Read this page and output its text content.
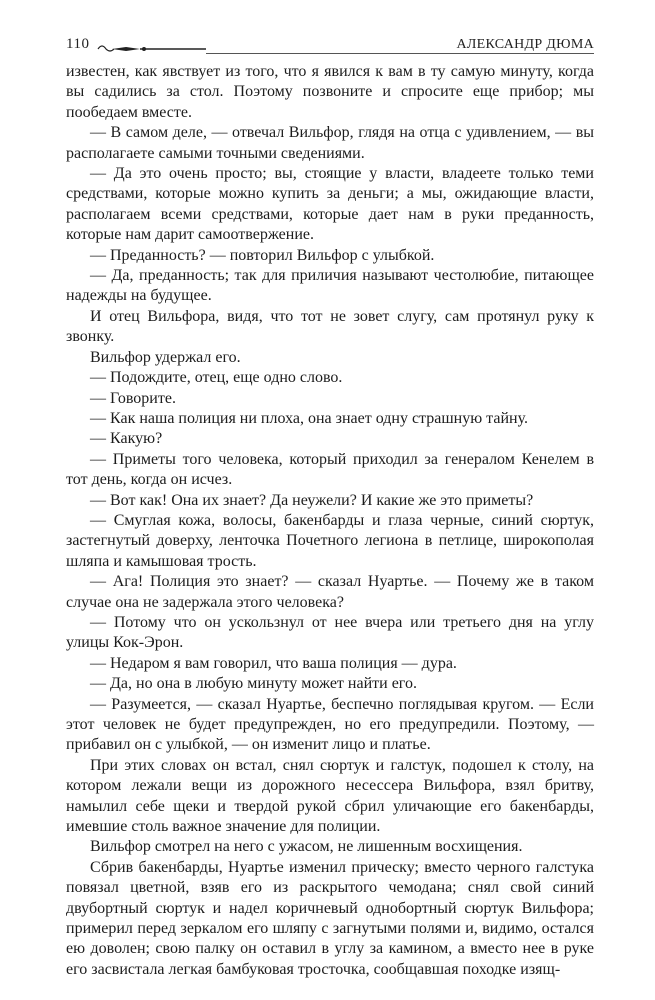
110	АЛЕКСАНДР ДЮМА

известен, как явствует из того, что я явился к вам в ту самую минуту, когда вы садились за стол. Поэтому позвоните и спросите еще прибор; мы пообедаем вместе.

— В самом деле, — отвечал Вильфор, глядя на отца с удивлением, — вы располагаете самыми точными сведениями.

— Да это очень просто; вы, стоящие у власти, владеете только теми средствами, которые можно купить за деньги; а мы, ожидающие власти, располагаем всеми средствами, которые дает нам в руки преданность, которые нам дарит самоотвержение.

— Преданность? — повторил Вильфор с улыбкой.

— Да, преданность; так для приличия называют честолюбие, питающее надежды на будущее.

И отец Вильфора, видя, что тот не зовет слугу, сам протянул руку к звонку.

Вильфор удержал его.

— Подождите, отец, еще одно слово.

— Говорите.

— Как наша полиция ни плоха, она знает одну страшную тайну.

— Какую?

— Приметы того человека, который приходил за генералом Кенелем в тот день, когда он исчез.

— Вот как! Она их знает? Да неужели? И какие же это приметы?

— Смуглая кожа, волосы, бакенбарды и глаза черные, синий сюртук, застегнутый доверху, ленточка Почетного легиона в петлице, широкополая шляпа и камышовая трость.

— Ага! Полиция это знает? — сказал Нуартье. — Почему же в таком случае она не задержала этого человека?

— Потому что он ускользнул от нее вчера или третьего дня на углу улицы Кок-Эрон.

— Недаром я вам говорил, что ваша полиция — дура.

— Да, но она в любую минуту может найти его.

— Разумеется, — сказал Нуартье, беспечно поглядывая кругом. — Если этот человек не будет предупрежден, но его предупредили. Поэтому, — прибавил он с улыбкой, — он изменит лицо и платье.

При этих словах он встал, снял сюртук и галстук, подошел к столу, на котором лежали вещи из дорожного несессера Вильфора, взял бритву, намылил себе щеки и твердой рукой сбрил уличающие его бакенбарды, имевшие столь важное значение для полиции.

Вильфор смотрел на него с ужасом, не лишенным восхищения.

Сбрив бакенбарды, Нуартье изменил прическу; вместо черного галстука повязал цветной, взяв его из раскрытого чемодана; снял свой синий двубортный сюртук и надел коричневый однобортный сюртук Вильфора; примерил перед зеркалом его шляпу с загнутыми полями и, видимо, остался ею доволен; свою палку он оставил в углу за камином, а вместо нее в руке его засвистала легкая бамбуковая тросточка, сообщавшая походке изящ-
